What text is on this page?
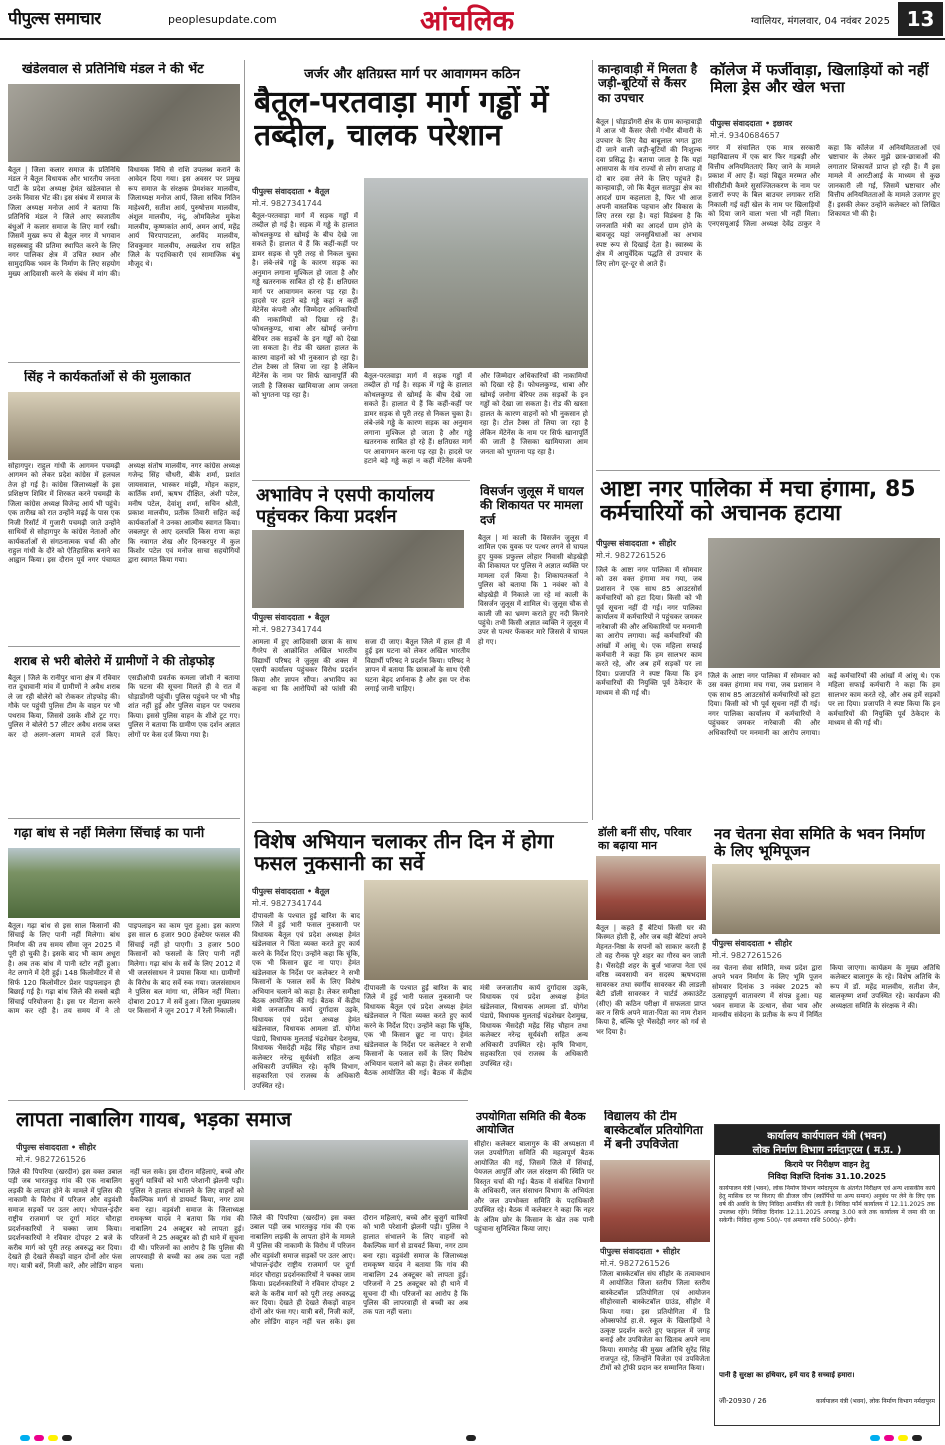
पीपुल्स समाचार	peoplesupdate.com	आंचलिक	ग्वालियर, मंगलवार, 04 नवंबर 2025 13
खंडेलवाल से प्रतिनिधि मंडल ने की भेंट
बैतूल | जिला कलार समाज के प्रतिनिधि मंडल ने बैतूल विधायक और भारतीय जनता पार्टी के प्रदेश अध्यक्ष हेमंत खंडेलवाल से उनके निवास भेंट की। इस संबंध में समाज के जिला अध्यक्ष मनोज आर्य ने बताया कि प्रतिनिधि मंडल ने जिले आए स्वजातीय बंधुओं ने कलार समाज के लिए मार्ग रखी। जिसमें मुख्य रूप से बैतूल नगर में भगवान सहस्त्रबाहु की प्रतिमा स्थापित करने के लिए नगर पालिका क्षेत्र में उचित स्थान और सामुदायिक भवन के निर्माण के लिए सहयोग मुख्य आदिवासी करने के संबंध में मांग की। विधायक निधि से राशि उपलब्ध कराने के आवेदन दिया गया। इस अवसर पर प्रमुख रूप समाज के संरक्षक प्रेमशंकर मालवीय, जिलाध्यक्ष मनोज आर्य, जिला सचिव नितिन माहेश्वरी, सतीश आर्य, पुरुषोत्तम मालवीय, अंशुल मालवीय, नंदू, ओमविलेश मुकेश मालवीय, कृष्णकांत आर्य, अमन आर्य, महेंद्र आर्य चिरपापाटला, अरविंद मालवीय, शिवकुमार मालवीय, अखलेश राय सहित जिले के पदाधिकारी एवं सामाजिक बंधु मौजूद थे।
सिंह ने कार्यकर्ताओं से की मुलाकात
सोहागपुर। राहुल गांधी के आगमन पचमढ़ी आगमन को लेकर प्रदेश कांग्रेस में हलचल तेज हो गई है। कांग्रेस जिलाध्यक्षों के इस प्रशिक्षण शिविर में शिरकत करने पचमढ़ी के जिला कांग्रेस अध्यक्ष विजेन्द्र आर्य भी पहुंचे। एक तारीख को रात उन्होंने मढ़ई के पास एक निजी रिसॉर्ट में गुजारी पचमढ़ी जाते उन्होंने साथियों से सोहागपुर के कांग्रेस नेताओं और कार्यकर्ताओं से संगठनात्मक चर्चा की और राहुल गांधी के दौरे को ऐतिहासिक बनाने का आह्वान किया। इस दौरान पूर्व नगर पंचायत अध्यक्ष संतोष मालवीय, नगर कांग्रेस अध्यक्ष गजेन्द्र सिंह चौधरी, बीके शर्मा, प्रशांत जायसवाल, भास्कर मांझी, मोहन कहार, कार्तिक शर्मा, ऋषभ दीक्षित, अंशी पटेल, मनीष पटेल, देवांशु शर्मा, सचिन श्रोती, प्रकाश मालवीय, प्रतीक तिवारी सहित कई कार्यकर्ताओं ने उनका आत्मीय स्वागत किया। जबलपुर से आए दलचलि किस राणा कहा कि नवागत शेख और दिनकरपुर में कुल किशोर पटेल एवं मनोज साचा सहयोगियों द्वारा स्वागत किया गया।
शराब से भरी बोलेरो में ग्रामीणों ने की तोड़फोड़
बैतूल | जिले के रानीपुर थाना क्षेत्र में रविवार रात दुधावानी मांव में ग्रामीणों ने अवैध शराब ले जा रही बोलेरो को रोककर तोड़फोड़ की। गौके पर पहुंची पुलिस टीम के वाहन पर भी पथराव किया, जिससे उसके शीशे टूट गए। पुलिस ने बोलेरो 57 लीटर अवैध शराब जब्त कर दो अलग-अलग मामले दर्ज किए। एसडीओपी प्रवर्तक कमला जोशी ने बताया कि घटना की सूचना मिलते ही वे रात में घोड़ाडोंगरी पहुंचीं। पुलिस पहुंचने पर भी भीड़ शांत नहीं हुई और पुलिस वाहन पर पथराव किया। इससे पुलिस वाहन के शीशे टूट गए। पुलिस ने बताया कि ग्रामीण एक दर्शन अज्ञात लोगों पर केस दर्ज किया गया है।
गढ़ा बांध से नहीं मिलेगा सिंचाई का पानी
बैतूल। गढ़ा बांध से इस साल किसानों की सिंचाई के लिए पानी नहीं मिलेगा। बांध निर्माण की तय समय सीमा जून 2025 में पूरी हो चुकी है। इसके बाद भी काम अधूरा है। अब तक बांध में पानी स्टोर नहीं हुआ। नेट लगाने में देरी हुई। 148 किलोमीटर में से सिर्फ 120 किलोमीटर प्रेशर पाइपलाइन ही बिछाई गई है। गढ़ा बांध जिले की सबसे बड़ी सिंचाई परियोजना है। इस पर मेंटाना करने काम कर रही है। तय समय में ने तो पाइपलाइन का काम पूरा हुआ। इस कारण इस साल 6 हजार 900 हेक्टेयर फसल की सिंचाई नहीं हो पाएगी। 3 हजार 500 किसानों को फसलों के लिए पानी नहीं मिलेगा। गढ़ा बांध के सर्वे के लिए 2012 में भी जलसंसाधन ने प्रयास किया था। ग्रामीणों के विरोध के बाद सर्वे रुक गया। जलसंसाधन ने पुलिस बल मांगा था, लेकिन नहीं मिला। दोबारा 2017 में सर्वे हुआ। जिला मुख्यालय पर किसानों ने जून 2017 में रैली निकाली।
लापता नाबालिग गायब, भड़का समाज
पीपुल्स संवाददाता • सीहोर
मो.नं. 9827261526
जिले की पिपरिया (खरदीन) इस वक्त उबाल पड़ी जब भारतकुड़ गांव की एक नाबालिग लड़की के लापता होने के मामले में पुलिस की नाकामी के विरोध में परिजन और वड़ुवंशी समाज सड़कों पर उतर आए। भोपाल-इंदौर राष्ट्रीय राजमार्ग पर दूर्गा मांदर चौराहा प्रदर्शनकारियों ने चक्का जाम किया। प्रदर्शनकारियों ने रविवार दोपहर 2 बजे के करीब मार्ग को पूरी तरह अवरुद्ध कर दिया। देखते ही देखते सैकड़ों वाहन दोनों ओर फंस गए। यात्री बसें, निजी कारें, और लोडिंग वाहन नहीं चल सके। इस दौरान महिलाएं, बच्चे और बुजुर्ग यात्रियों को भारी परेशानी झेलनी पड़ी। पुलिस ने हालात संभालने के लिए वाहनों को वैकल्पिक मार्ग से डायवर्ट किया, नगर ठाम बना रहा। वड़ुवंशी समाज के जिलाध्यक्ष रामकृष्ण यादव ने बताया कि गांव की नाबालिग 24 अक्टूबर को लापता हुई। परिजनों ने 25 अक्टूबर को ही थाने में सूचना दी थी। परिजनों का आरोप है कि पुलिस की लापरवाही से बच्ची का अब तक पता नहीं चला।
जिले की पिपरिया (खरदीन) इस वक्त उबाल पड़ी जब भारतकुड़ गांव की एक नाबालिग लड़की के लापता होने के मामले में पुलिस की नाकामी के विरोध में परिजन और वड़ुवंशी समाज सड़कों पर उतर आए। भोपाल-इंदौर राष्ट्रीय राजमार्ग पर दूर्गा मांदर चौराहा प्रदर्शनकारियों ने चक्का जाम किया। प्रदर्शनकारियों ने रविवार दोपहर 2 बजे के करीब मार्ग को पूरी तरह अवरुद्ध कर दिया। देखते ही देखते सैकड़ों वाहन दोनों ओर फंस गए। यात्री बसें, निजी कारें, और लोडिंग वाहन नहीं चल सके। इस दौरान महिलाएं, बच्चे और बुजुर्ग यात्रियों को भारी परेशानी झेलनी पड़ी। पुलिस ने हालात संभालने के लिए वाहनों को वैकल्पिक मार्ग से डायवर्ट किया, नगर ठाम बना रहा। वड़ुवंशी समाज के जिलाध्यक्ष रामकृष्ण यादव ने बताया कि गांव की नाबालिग 24 अक्टूबर को लापता हुई। परिजनों ने 25 अक्टूबर को ही थाने में सूचना दी थी। परिजनों का आरोप है कि पुलिस की लापरवाही से बच्ची का अब तक पता नहीं चला।
जर्जर और क्षतिग्रस्त मार्ग पर आवागमन कठिन
बैतूल-परतवाड़ा मार्ग गड्ढों में तब्दील, चालक परेशान
पीपुल्स संवाददाता • बैतूल
मो.नं. 9827341744
बैतूल-परतवाड़ा मार्ग में सड़क गड्ढों में तब्दील हो गई है। सड़क में गड्ढे के हालात कोथलकुण्ड से खोमई के बीच देखे जा सकते हैं। हालात ये हैं कि कहीं-कहीं पर डामर सड़क से पूरी तरह से निकल चुका है। लंबे-लंबे गड्ढे के कारण सड़क का अनुमान लगाना मुश्किल हो जाता है और गड्ढे खतरनाक साबित हो रहे हैं। क्षतिग्रस्त मार्ग पर आवागमन करना पड़ रहा है। हादसे पर हटाने बड़े गड्ढे कहां न कहीं मेंटेनेंस कंपनी और जिम्मेदार अधिकारियों की नाकामियों को दिखा रहे हैं। फोथलकुण्ड, धाबा और खोमई जनोगा बेरियर तक सड़कों के इन गड्ढों को देखा जा सकता है। रोड की खस्ता हालत के कारण वाहनों को भी नुकसान हो रहा है। टोल टैक्स तो लिया जा रहा है लेकिन मेंटेनेंस के नाम पर सिर्फ खानापूर्ति की जाती है जिसका खामियाजा आम जनता को भुगतना पड़ रहा है।
बैतूल-परतवाड़ा मार्ग में सड़क गड्ढों में तब्दील हो गई है। सड़क में गड्ढे के हालात कोथलकुण्ड से खोमई के बीच देखे जा सकते हैं। हालात ये हैं कि कहीं-कहीं पर डामर सड़क से पूरी तरह से निकल चुका है। लंबे-लंबे गड्ढे के कारण सड़क का अनुमान लगाना मुश्किल हो जाता है और गड्ढे खतरनाक साबित हो रहे हैं। क्षतिग्रस्त मार्ग पर आवागमन करना पड़ रहा है। हादसे पर हटाने बड़े गड्ढे कहां न कहीं मेंटेनेंस कंपनी और जिम्मेदार अधिकारियों की नाकामियों को दिखा रहे हैं। फोथलकुण्ड, धाबा और खोमई जनोगा बेरियर तक सड़कों के इन गड्ढों को देखा जा सकता है। रोड की खस्ता हालत के कारण वाहनों को भी नुकसान हो रहा है। टोल टैक्स तो लिया जा रहा है लेकिन मेंटेनेंस के नाम पर सिर्फ खानापूर्ति की जाती है जिसका खामियाजा आम जनता को भुगतना पड़ रहा है।
अभाविप ने एसपी कार्यालय पहुंचकर किया प्रदर्शन
पीपुल्स संवाददाता • बैतूल
मो.नं. 9827341744
आमला में हुए आदिवासी छात्रा के साथ गैंगरेप से आक्रोशित अखिल भारतीय विद्यार्थी परिषद ने जुलूस की शक्ल में एसपी कार्यालय पहुंचकर विरोध प्रदर्शन किया और ज्ञापन सौंपा। अभाविप का कहना था कि आरोपियों को फांसी की सजा दी जाए। बैतूल जिले में हाल ही में हुई इस घटना को लेकर अखिल भारतीय विद्यार्थी परिषद ने प्रदर्शन किया। परिषद ने ज्ञापन में बताया कि छात्राओं के साथ ऐसी घटना बेहद शर्मनाक है और इस पर रोक लगाई जानी चाहिए।
विसर्जन जुलूस में घायल की शिकायत पर मामला दर्ज
बैतूल | मां काली के विसर्जन जुलूस में शामिल एक युवक पर पत्थर लगने से घायल हुए युवक प्रफुल्ल लोहार निवासी बोड़खेड़ी की शिकायत पर पुलिस ने अज्ञात व्यक्ति पर मामला दर्ज किया है। शिकायतकर्ता ने पुलिस को बताया कि 1 नवंबर को वे बोड़खेड़ी में निकाले जा रहे मां काली के विसर्जन जुलूस में शामिल थे। जुलूस चौक से काली जी का भ्रमण कराते हुए नदी किनारे पहुंचे। तभी किसी अज्ञात व्यक्ति ने जुलूस में उपर से पत्थर फेंककर मारे जिससे वे घायल हो गए।
कान्हावाड़ी में मिलता है जड़ी-बूटियों से कैंसर का उपचार
बैतूल | घोड़ाडोंगरी क्षेत्र के ग्राम कान्हावाड़ी में आज भी कैंसर जैसी गंभीर बीमारी के उपचार के लिए वैद्य बाबूलाल भगत द्वारा दी जाने वाली जड़ी-बूटियों की निःशुल्क दवा प्रसिद्ध है। बताया जाता है कि यहां आसपास के गांव राज्यों से लोग सप्ताह में दो बार दवा लेने के लिए पहुंचते हैं। कान्हावाड़ी, जो कि बैतूल सतपुड़ा क्षेत्र का आदर्श ग्राम कहलाता है, फिर भी आज अपनी वास्तविक पहचान और विकास के लिए तरस रहा है। यहां विडंबना है कि जनजाति मंत्री का आदर्श ग्राम होने के बावजूद यहां जनसुविधाओं का अभाव स्पष्ट रूप से दिखाई देता है। स्वास्थ्य के क्षेत्र में आयुर्वेदिक पद्धति से उपचार के लिए लोग दूर-दूर से आते हैं।
कॉलेज में फर्जीवाड़ा, खिलाड़ियों को नहीं मिला ड्रेस और खेल भत्ता
पीपुल्स संवाददाता • इछावर
मो.नं. 9340684657
नगर में संचालित एक मात्र सरकारी महाविद्यालय में एक बार फिर गड़बड़ी और वित्तीय अनियमितताएं किए जाने के मामले प्रकाश में आए हैं। यहां विद्युत मरम्मत और सीसीटीवी कैमरे सुसज्जितकरण के नाम पर हजारों रुपए के बिल बाउचर लगाकर राशि निकाली गई वहीं खेल के नाम पर खिलाड़ियों को दिया जाने वाला भत्ता भी नहीं मिला। एनएसयूआई जिला अध्यक्ष देवेंद्र ठाकुर ने कहा कि कॉलेज में अनियमितताओं एवं भ्रष्टाचार के लेकर मुझे छात्र-छात्राओं की लगातार शिकायतें प्राप्त हो रही हैं। मैं इस मामले में आरटीआई के माध्यम से कुछ जानकारी ली गई, जिसमें भ्रष्टाचार और वित्तीय अनियमितताओं के मामले उजागर हुए हैं। इसकी लेकर उन्होंने कलेक्टर को लिखित शिकायत भी की है।
आष्टा नगर पालिका में मचा हंगामा, 85 कर्मचारियों को अचानक हटाया
पीपुल्स संवाददाता • सीहोर
मो.नं. 9827261526
जिले के आष्टा नगर पालिका में सोमवार को उस वक्त हंगामा मच गया, जब प्रशासन ने एक साथ 85 आउटसोर्स कर्मचारियों को हटा दिया। किसी को भी पूर्व सूचना नहीं दी गई। नगर पालिका कार्यालय में कर्मचारियों ने पहुंचकर जमकर नारेबाजी की और अधिकारियों पर मनमानी का आरोप लगाया। कई कर्मचारियों की आंखों में आंसू थे। एक महिला सफाई कर्मचारी ने कहा कि हम सालभर काम करते रहे, और अब हमें सड़कों पर ला दिया। प्रजापति ने स्पष्ट किया कि इन कर्मचारियों की नियुक्ति पूर्व ठेकेदार के माध्यम से की गई थी।
जिले के आष्टा नगर पालिका में सोमवार को उस वक्त हंगामा मच गया, जब प्रशासन ने एक साथ 85 आउटसोर्स कर्मचारियों को हटा दिया। किसी को भी पूर्व सूचना नहीं दी गई। नगर पालिका कार्यालय में कर्मचारियों ने पहुंचकर जमकर नारेबाजी की और अधिकारियों पर मनमानी का आरोप लगाया। कई कर्मचारियों की आंखों में आंसू थे। एक महिला सफाई कर्मचारी ने कहा कि हम सालभर काम करते रहे, और अब हमें सड़कों पर ला दिया। प्रजापति ने स्पष्ट किया कि इन कर्मचारियों की नियुक्ति पूर्व ठेकेदार के माध्यम से की गई थी।
विशेष अभियान चलाकर तीन दिन में होगा फसल नुकसानी का सर्वे
पीपुल्स संवाददाता • बैतूल
मो.नं. 9827341744
दीपावली के पश्चात हुई बारिश के बाद जिले में हुई भारी फसल नुकसानी पर विधायक बैतूल एवं प्रदेश अध्यक्ष हेमंत खंडेलवाल ने चिंता व्यक्त करते हुए कार्य करने के निर्देश दिए। उन्होंने कहा कि चूंकि, एक भी किसान छूट ना पाए। हेमंत खंडेलवाल के निर्देश पर कलेक्टर ने सभी किसानों के फसल सर्वे के लिए विशेष अभियान चलाने को कहा है। लेकर समीक्षा बैठक आयोजित की गई। बैठक में केंद्रीय मंत्री जनजातीय कार्य दुर्गादास उइके, विधायक एवं प्रदेश अध्यक्ष हेमंत खंडेलवाल, विधायक आमला डॉ. योगेश पंडाग्रे, विधायक मुलताई चंद्रशेखर देशमुख, विधायक भैंसदेही महेंद्र सिंह चौहान तथा कलेक्टर नरेन्द्र सूर्यवंशी सहित अन्य अधिकारी उपस्थित रहे। कृषि विभाग, सहकारिता एवं राजस्व के अधिकारी उपस्थित रहे।
दीपावली के पश्चात हुई बारिश के बाद जिले में हुई भारी फसल नुकसानी पर विधायक बैतूल एवं प्रदेश अध्यक्ष हेमंत खंडेलवाल ने चिंता व्यक्त करते हुए कार्य करने के निर्देश दिए। उन्होंने कहा कि चूंकि, एक भी किसान छूट ना पाए। हेमंत खंडेलवाल के निर्देश पर कलेक्टर ने सभी किसानों के फसल सर्वे के लिए विशेष अभियान चलाने को कहा है। लेकर समीक्षा बैठक आयोजित की गई। बैठक में केंद्रीय मंत्री जनजातीय कार्य दुर्गादास उइके, विधायक एवं प्रदेश अध्यक्ष हेमंत खंडेलवाल, विधायक आमला डॉ. योगेश पंडाग्रे, विधायक मुलताई चंद्रशेखर देशमुख, विधायक भैंसदेही महेंद्र सिंह चौहान तथा कलेक्टर नरेन्द्र सूर्यवंशी सहित अन्य अधिकारी उपस्थित रहे। कृषि विभाग, सहकारिता एवं राजस्व के अधिकारी उपस्थित रहे।
डॉली बनीं सीए, परिवार का बढ़ाया मान
बैतूल | कहते हैं बेटियां किसी घर की किस्मत होती हैं, और जब वही बेटियां अपने मेहनत-निष्ठा के सपनों को साकार करती हैं तो वह रौनक पूरे शहर का गौरव बन जाती है। भैंसदेही शहर के बुर्ज भाजपा नेता एवं वरिष्ठ व्यवसायी वन सदस्य ऋषभदास सावरकर तथा स्वर्गीय सावरकर की लाडली बेटी डॉली सावरकर ने चार्टर्ड अकाउंटेंट (सीए) की कठिन परीक्षा में सफलता प्राप्त कर न सिर्फ अपने माता-पिता का नाम रोशन किया है, बल्कि पूरे भैंसदेही नगर को गर्व से भर दिया है।
नव चेतना सेवा समिति के भवन निर्माण के लिए भूमिपूजन
पीपुल्स संवाददाता • सीहोर
मो.नं. 9827261526
नव चेतना सेवा समिति, मध्य प्रदेश द्वारा अपने भवन निर्माण के लिए भूमि पूजन सोमवार दिनांक 3 नवंबर 2025 को उत्साहपूर्ण वातावरण में संपन्न हुआ। यह भवन समाज के उत्थान, सेवा भाव और मानवीय संवेदना के प्रतीक के रूप में निर्मित किया जाएगा। कार्यक्रम के मुख्य अतिथि कलेक्टर बालागुरु के रहे। विशेष अतिथि के रूप में डॉ. महेंद्र मालवीय, सतीश जैन, बालकृष्ण शर्मा उपस्थित रहे। कार्यक्रम की अध्यक्षता समिति के संरक्षक ने की।
उपयोगिता समिति की बैठक आयोजित
सीहोर। कलेक्टर बालागुरु के की अध्यक्षता में जल उपयोगिता समिति की महत्वपूर्ण बैठक आयोजित की गई, जिसमें जिले में सिंचाई, पेयजल आपूर्ति और जल संरक्षण की स्थिति पर विस्तृत चर्चा की गई। बैठक में संबंधित विभागों के अधिकारी, जल संसाधन विभाग के अभियंता और जल उपभोक्ता समिति के पदाधिकारी उपस्थित रहे। बैठक में कलेक्टर ने कहा कि नहर के अंतिम छोर के किसान के खेत तक पानी पहुंचाना सुनिश्चित किया जाए।
विद्यालय की टीम बास्केटबॉल प्रतियोगिता में बनी उपविजेता
पीपुल्स संवाददाता • सीहोर
मो.नं. 9827261526
जिला बास्केटबॉल संघ सीहोर के तत्वावधान में आयोजित जिला स्तरीय जिला स्तरीय बास्केटबॉल प्रतियोगिता एवं आयोजन सीहोरवाली बास्केटबॉल ग्राउंड, सीहोर में किया गया। इस प्रतियोगिता में डि ओक्सफोर्ड हा.से. स्कूल के खिलाड़ियों ने उत्कृष्ट प्रदर्शन करते हुए फाइनल में जगह बनाई और उपविजेता का खिताब अपने नाम किया। समारोह की मुख्य अतिथि सुरेंद्र सिंह राजपूत रहे, जिन्होंने विजेता एवं उपविजेता टीमों को ट्रॉफी प्रदान कर सम्मानित किया।
कार्यालय कार्यपालन यंत्री (भवन)
लोक निर्माण विभाग नर्मदापुरम ( म.प्र. )
किराये पर निरीक्षण वाहन हेतु
निविदा विज्ञप्ति दिनांक 31.10.2025
कार्यपालन यंत्री (भवन), लोक निर्माण विभाग नर्मदापुरम के अंतर्गत निरीक्षण एवं अन्य शासकीय कार्य हेतु मासिक दर पर किराए की डीजल जीप (स्कॉर्पियो या अन्य समान) अनुबंध पर लेने के लिए एक वर्ष की अवधि के लिए निविदा आमंत्रित की जाती है। निविदा फॉर्म कार्यालय में 12.11.2025 तक उपलब्ध रहेंगे। निविदा दिनांक 12.11.2025 अपराह्न 3.00 बजे तक कार्यालय में जमा की जा सकेगी। निविदा शुल्क 500/- एवं अमानत राशि 5000/- होगी।
पानी है सुरक्षा का हथियार, हमें याद है सच्चाई हमारा।
जी-20930 / 26	कार्यपालन यंत्री (भवन), लोक निर्माण विभाग नर्मदापुरम
